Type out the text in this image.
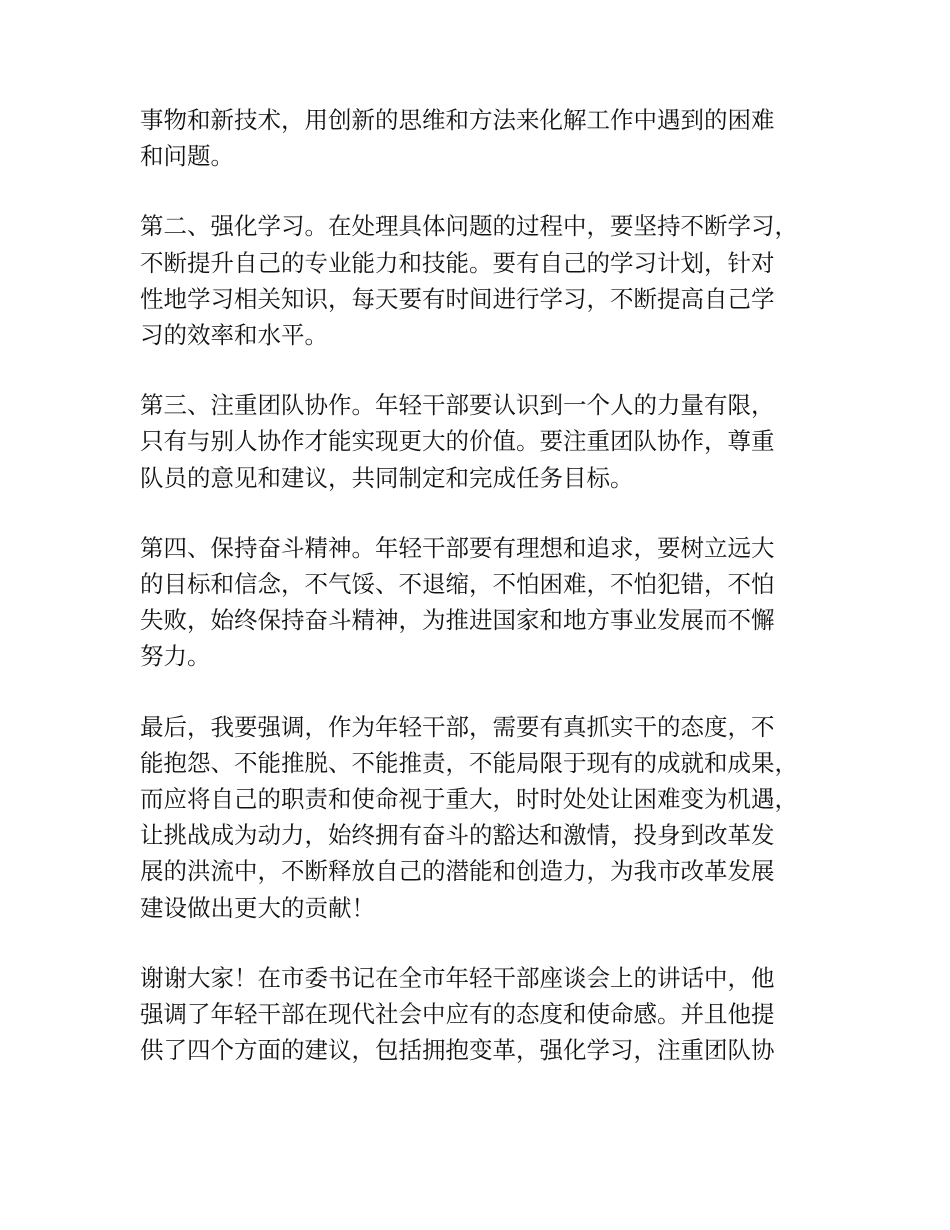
事物和新技术，用创新的思维和方法来化解工作中遇到的困难
和问题。

第二、强化学习。在处理具体问题的过程中，要坚持不断学习，
不断提升自己的专业能力和技能。要有自己的学习计划，针对
性地学习相关知识，每天要有时间进行学习，不断提高自己学
习的效率和水平。

第三、注重团队协作。年轻干部要认识到一个人的力量有限，
只有与别人协作才能实现更大的价值。要注重团队协作，尊重
队员的意见和建议，共同制定和完成任务目标。

第四、保持奋斗精神。年轻干部要有理想和追求，要树立远大
的目标和信念，不气馁、不退缩，不怕困难，不怕犯错，不怕
失败，始终保持奋斗精神，为推进国家和地方事业发展而不懈
努力。

最后，我要强调，作为年轻干部，需要有真抓实干的态度，不
能抱怨、不能推脱、不能推责，不能局限于现有的成就和成果，
而应将自己的职责和使命视于重大，时时处处让困难变为机遇，
让挑战成为动力，始终拥有奋斗的豁达和激情，投身到改革发
展的洪流中，不断释放自己的潜能和创造力，为我市改革发展
建设做出更大的贡献！

谢谢大家！在市委书记在全市年轻干部座谈会上的讲话中，他
强调了年轻干部在现代社会中应有的态度和使命感。并且他提
供了四个方面的建议，包括拥抱变革，强化学习，注重团队协
